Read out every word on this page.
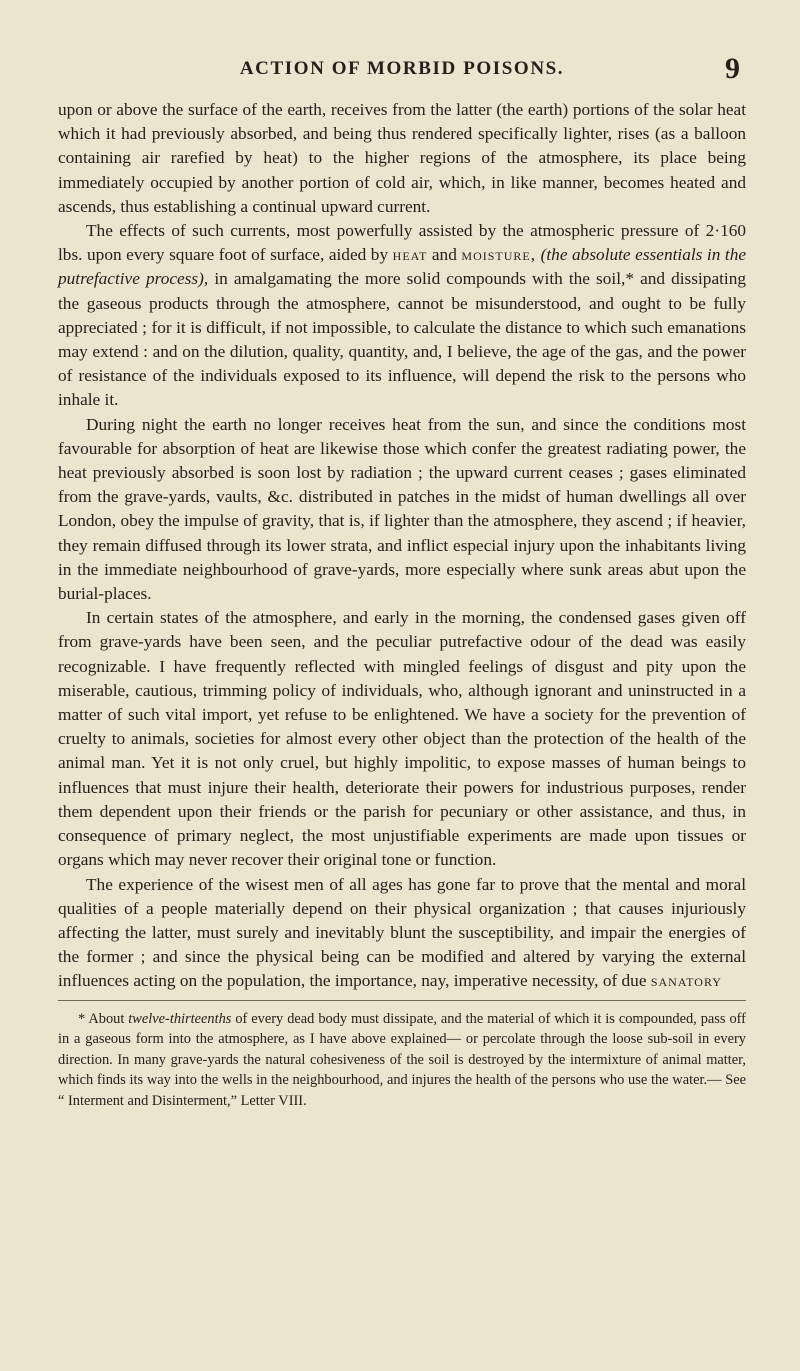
ACTION OF MORBID POISONS.	9

upon or above the surface of the earth, receives from the latter (the earth) portions of the solar heat which it had previously absorbed, and being thus rendered specifically lighter, rises (as a balloon containing air rarefied by heat) to the higher regions of the atmosphere, its place being immediately occupied by another portion of cold air, which, in like manner, becomes heated and ascends, thus establishing a continual upward current.

The effects of such currents, most powerfully assisted by the atmospheric pressure of 2·160 lbs. upon every square foot of surface, aided by heat and moisture, (the absolute essentials in the putrefactive process), in amalgamating the more solid compounds with the soil,* and dissipating the gaseous products through the atmosphere, cannot be misunderstood, and ought to be fully appreciated ; for it is difficult, if not impossible, to calculate the distance to which such emanations may extend : and on the dilution, quality, quantity, and, I believe, the age of the gas, and the power of resistance of the individuals exposed to its influence, will depend the risk to the persons who inhale it.

During night the earth no longer receives heat from the sun, and since the conditions most favourable for absorption of heat are likewise those which confer the greatest radiating power, the heat previously absorbed is soon lost by radiation ; the upward current ceases ; gases eliminated from the grave-yards, vaults, &c. distributed in patches in the midst of human dwellings all over London, obey the impulse of gravity, that is, if lighter than the atmosphere, they ascend ; if heavier, they remain diffused through its lower strata, and inflict especial injury upon the inhabitants living in the immediate neighbourhood of grave-yards, more especially where sunk areas abut upon the burial-places.

In certain states of the atmosphere, and early in the morning, the condensed gases given off from grave-yards have been seen, and the peculiar putrefactive odour of the dead was easily recognizable. I have frequently reflected with mingled feelings of disgust and pity upon the miserable, cautious, trimming policy of individuals, who, although ignorant and uninstructed in a matter of such vital import, yet refuse to be enlightened. We have a society for the prevention of cruelty to animals, societies for almost every other object than the protection of the health of the animal man. Yet it is not only cruel, but highly impolitic, to expose masses of human beings to influences that must injure their health, deteriorate their powers for industrious purposes, render them dependent upon their friends or the parish for pecuniary or other assistance, and thus, in consequence of primary neglect, the most unjustifiable experiments are made upon tissues or organs which may never recover their original tone or function.

The experience of the wisest men of all ages has gone far to prove that the mental and moral qualities of a people materially depend on their physical organization ; that causes injuriously affecting the latter, must surely and inevitably blunt the susceptibility, and impair the energies of the former ; and since the physical being can be modified and altered by varying the external influences acting on the population, the importance, nay, imperative necessity, of due sanatory

* About twelve-thirteenths of every dead body must dissipate, and the material of which it is compounded, pass off in a gaseous form into the atmosphere, as I have above explained— or percolate through the loose sub-soil in every direction. In many grave-yards the natural cohesiveness of the soil is destroyed by the intermixture of animal matter, which finds its way into the wells in the neighbourhood, and injures the health of the persons who use the water.— See “ Interment and Disinterment,” Letter VIII.
